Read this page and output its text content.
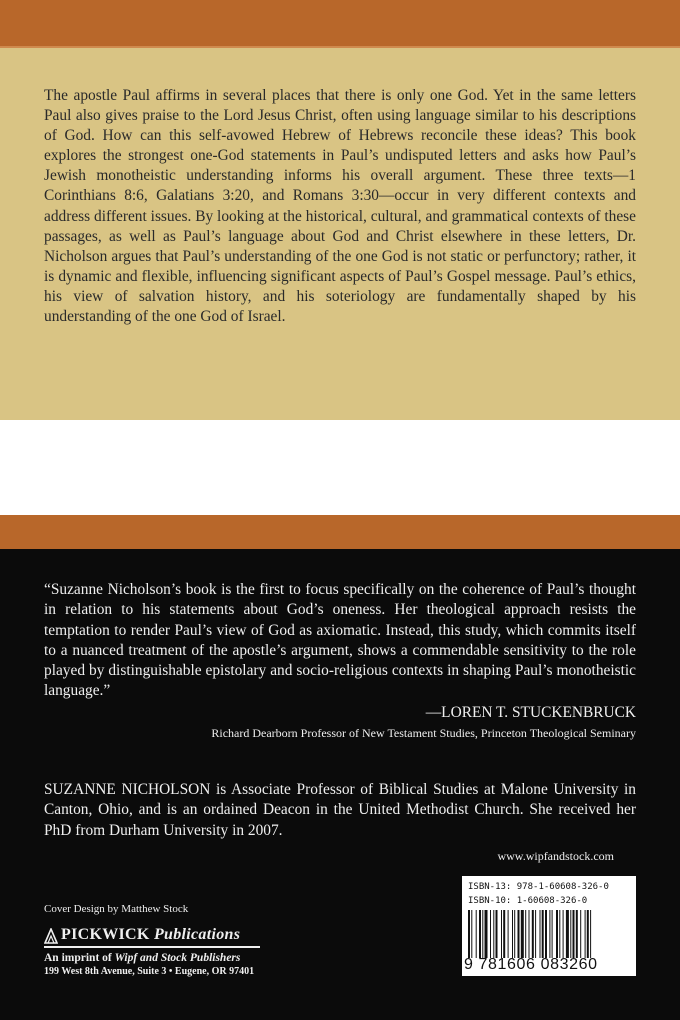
The apostle Paul affirms in several places that there is only one God. Yet in the same letters Paul also gives praise to the Lord Jesus Christ, often using language similar to his descriptions of God. How can this self-avowed Hebrew of Hebrews reconcile these ideas? This book explores the strongest one-God statements in Paul’s undisputed letters and asks how Paul’s Jewish monotheistic understanding informs his overall argument. These three texts—1 Corinthians 8:6, Galatians 3:20, and Romans 3:30—occur in very different contexts and address different issues. By looking at the historical, cultural, and grammatical contexts of these passages, as well as Paul’s language about God and Christ elsewhere in these letters, Dr. Nicholson argues that Paul’s understanding of the one God is not static or perfunctory; rather, it is dynamic and flexible, influencing significant aspects of Paul’s Gospel message. Paul’s ethics, his view of salvation history, and his soteriology are fundamentally shaped by his understanding of the one God of Israel.

“Suzanne Nicholson’s book is the first to focus specifically on the coherence of Paul’s thought in relation to his statements about God’s oneness. Her theological approach resists the temptation to render Paul’s view of God as axiomatic. Instead, this study, which commits itself to a nuanced treatment of the apostle’s argument, shows a commendable sensitivity to the role played by distinguishable epistolary and socio-religious contexts in shaping Paul’s monotheistic language.”

—LOREN T. STUCKENBRUCK
Richard Dearborn Professor of New Testament Studies, Princeton Theological Seminary

SUZANNE NICHOLSON is Associate Professor of Biblical Studies at Malone University in Canton, Ohio, and is an ordained Deacon in the United Methodist Church. She received her PhD from Durham University in 2007.

www.wipfandstock.com
Cover Design by Matthew Stock
PICKWICK Publications
An imprint of Wipf and Stock Publishers
199 West 8th Avenue, Suite 3 • Eugene, OR 97401
ISBN-13: 978-1-60608-326-0
ISBN-10: 1-60608-326-0
9 781606 083260
